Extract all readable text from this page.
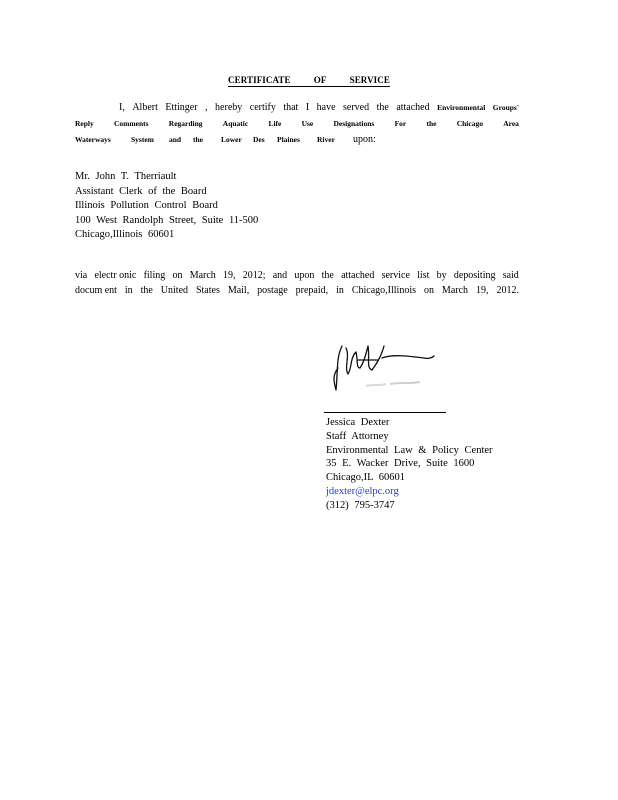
CERTIFICATE	OF	SERVICE
I, Albert Ettinger , hereby certify that I have served the attached Environmental Groups'
Reply	Comments	Regarding	Aquatic	Life	Use	Designations	For	the	Chicago	Area
Waterways	System	and	the	Lower	Des	Plaines	River	upon:
Mr. John T. Therriault
Assistant Clerk of the Board
Illinois Pollution Control Board
100 West Randolph Street, Suite 11-500
Chicago,Illinois 60601
via electr onic filing on March 19, 2012; and upon the attached service list by depositing said
docum ent in the United States Mail, postage prepaid, in Chicago,Illinois on March 19, 2012.
Jessica Dexter
Staff Attorney
Environmental Law & Policy Center
35 E. Wacker Drive, Suite 1600
Chicago,IL 60601
jdexter@elpc.org
(312) 795-3747
